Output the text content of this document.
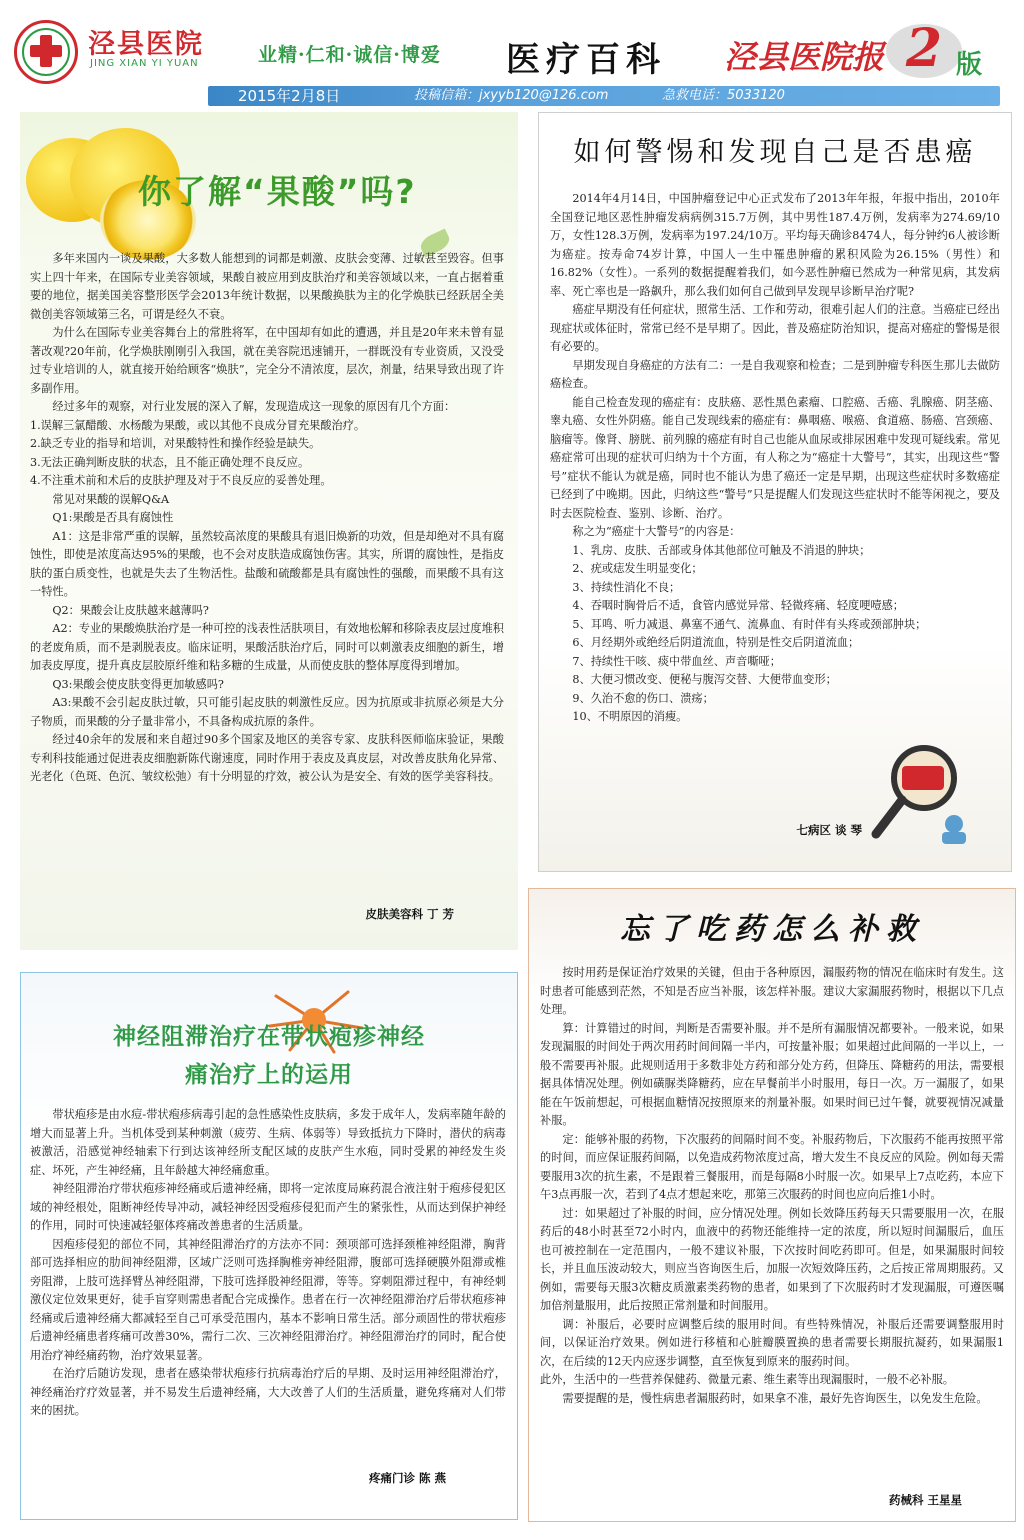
泾县医院
JING XIAN YI YUAN	业精·仁和·诚信·博爱 医疗百科 泾县医院报 2 版
2015年2月8日	投稿信箱：jxyyb120@126.com	急救电话：5033120
你了解“果酸”吗?

多年来国内一谈及果酸，大多数人能想到的词都是刺激、皮肤会变薄、过敏甚至毁容。但事实上四十年来，在国际专业美容领域，果酸自被应用到皮肤治疗和美容领域以来，一直占据着重要的地位，据美国美容整形医学会2013年统计数据，以果酸换肤为主的化学焕肤已经跃居全美微创美容领域第三名，可谓是经久不衰。

为什么在国际专业美容舞台上的常胜将军，在中国却有如此的遭遇，并且是20年来未曾有显著改观?20年前，化学焕肤刚刚引入我国，就在美容院迅速铺开，一群既没有专业资质，又没受过专业培训的人，就直接开始给顾客“焕肤”，完全分不清浓度，层次，剂量，结果导致出现了许多副作用。

经过多年的观察，对行业发展的深入了解，发现造成这一现象的原因有几个方面：

1.误解三氯醋酸、水杨酸为果酸，或以其他不良成分冒充果酸治疗。

2.缺乏专业的指导和培训，对果酸特性和操作经验是缺失。

3.无法正确判断皮肤的状态，且不能正确处理不良反应。

4.不注重术前和术后的皮肤护理及对于不良反应的妥善处理。

常见对果酸的误解Q&A

Q1:果酸是否具有腐蚀性

A1：这是非常严重的误解，虽然较高浓度的果酸具有退旧焕新的功效，但是却绝对不具有腐蚀性，即使是浓度高达95%的果酸，也不会对皮肤造成腐蚀伤害。其实，所谓的腐蚀性，是指皮肤的蛋白质变性，也就是失去了生物活性。盐酸和硫酸都是具有腐蚀性的强酸，而果酸不具有这一特性。

Q2：果酸会让皮肤越来越薄吗?

A2：专业的果酸焕肤治疗是一种可控的浅表性活肤项目，有效地松解和移除表皮层过度堆积的老废角质，而不是剥脱表皮。临床证明，果酸活肤治疗后，同时可以刺激表皮细胞的新生，增加表皮厚度，提升真皮层胶原纤维和粘多糖的生成量，从而使皮肤的整体厚度得到增加。

Q3:果酸会使皮肤变得更加敏感吗?

A3:果酸不会引起皮肤过敏，只可能引起皮肤的刺激性反应。因为抗原或非抗原必须是大分子物质，而果酸的分子量非常小，不具备构成抗原的条件。

经过40余年的发展和来自超过90多个国家及地区的美容专家、皮肤科医师临床验证，果酸专利科技能通过促进表皮细胞新陈代谢速度，同时作用于表皮及真皮层，对改善皮肤角化异常、光老化（色斑、色沉、皱纹松弛）有十分明显的疗效，被公认为是安全、有效的医学美容科技。

皮肤美容科 丁 芳
如何警惕和发现自己是否患癌

2014年4月14日，中国肿瘤登记中心正式发布了2013年年报，年报中指出，2010年全国登记地区恶性肿瘤发病病例315.7万例，其中男性187.4万例，发病率为274.69/10万，女性128.3万例，发病率为197.24/10万。平均每天确诊8474人，每分钟约6人被诊断为癌症。按寿命74岁计算，中国人一生中罹患肿瘤的累积风险为26.15%（男性）和16.82%（女性）。一系列的数据提醒着我们，如今恶性肿瘤已然成为一种常见病，其发病率、死亡率也是一路飙升，那么我们如何自己做到早发现早诊断早治疗呢?

癌症早期没有任何症状，照常生活、工作和劳动，很难引起人们的注意。当癌症已经出现症状或体征时，常常已经不是早期了。因此，普及癌症防治知识，提高对癌症的警惕是很有必要的。

早期发现自身癌症的方法有二：一是自我观察和检查；二是到肿瘤专科医生那儿去做防癌检查。

能自己检查发现的癌症有：皮肤癌、恶性黑色素瘤、口腔癌、舌癌、乳腺癌、阴茎癌、睾丸癌、女性外阴癌。能自己发现线索的癌症有：鼻咽癌、喉癌、食道癌、肠癌、宫颈癌、脑瘤等。像肾、膀胱、前列腺的癌症有时自己也能从血尿或排尿困难中发现可疑线索。常见癌症常可出现的症状可归纳为十个方面，有人称之为“癌症十大警号”，其实，出现这些“警号”症状不能认为就是癌，同时也不能认为患了癌还一定是早期，出现这些症状时多数癌症已经到了中晚期。因此，归纳这些“警号”只是提醒人们发现这些症状时不能等闲视之，要及时去医院检查、鉴别、诊断、治疗。

称之为“癌症十大警号”的内容是：

1、乳房、皮肤、舌部或身体其他部位可触及不消退的肿块；

2、疣或痣发生明显变化；

3、持续性消化不良；

4、吞咽时胸骨后不适，食管内感觉异常、轻微疼痛、轻度哽噎感；

5、耳鸣、听力减退、鼻塞不通气、流鼻血、有时伴有头疼或颈部肿块；

6、月经期外或绝经后阴道流血，特别是性交后阴道流血；

7、持续性干咳、痰中带血丝、声音嘶哑；

8、大便习惯改变、便秘与腹泻交替、大便带血变形；

9、久治不愈的伤口、溃疡；

10、不明原因的消瘦。

七病区 谈 琴
神经阻滞治疗在带状疱疹神经
痛治疗上的运用

带状疱疹是由水痘-带状疱疹病毒引起的急性感染性皮肤病，多发于成年人，发病率随年龄的增大而显著上升。当机体受到某种刺激（疲劳、生病、体弱等）导致抵抗力下降时，潜伏的病毒被激活，沿感觉神经轴索下行到达该神经所支配区域的皮肤产生水疱，同时受累的神经发生炎症、坏死，产生神经痛，且年龄越大神经痛愈重。

神经阻滞治疗带状疱疹神经痛或后遗神经痛，即将一定浓度局麻药混合液注射于疱疹侵犯区域的神经根处，阻断神经传导冲动，减轻神经因受疱疹侵犯而产生的紧张性，从而达到保护神经的作用，同时可快速减轻躯体疼痛改善患者的生活质量。

因疱疹侵犯的部位不同，其神经阻滞治疗的方法亦不同：颈项部可选择颈椎神经阻滞，胸背部可选择相应的肋间神经阻滞，区域广泛则可选择胸椎旁神经阻滞，腹部可选择硬膜外阻滞或椎旁阻滞，上肢可选择臂丛神经阻滞，下肢可选择股神经阻滞，等等。穿刺阻滞过程中，有神经刺激仪定位效果更好，徒手盲穿则需患者配合完成操作。患者在行一次神经阻滞治疗后带状疱疹神经痛或后遗神经痛大都减轻至自己可承受范围内，基本不影响日常生活。部分顽固性的带状疱疹后遗神经痛患者疼痛可改善30%，需行二次、三次神经阻滞治疗。神经阻滞治疗的同时，配合使用治疗神经痛药物，治疗效果显著。

在治疗后随访发现，患者在感染带状疱疹行抗病毒治疗后的早期、及时运用神经阻滞治疗，神经痛治疗疗效显著，并不易发生后遗神经痛，大大改善了人们的生活质量，避免疼痛对人们带来的困扰。

疼痛门诊 陈 燕
忘了吃药怎么补救

按时用药是保证治疗效果的关键，但由于各种原因，漏服药物的情况在临床时有发生。这时患者可能感到茫然，不知是否应当补服，该怎样补服。建议大家漏服药物时，根据以下几点处理。

算：计算错过的时间，判断是否需要补服。并不是所有漏服情况都要补。一般来说，如果发现漏服的时间处于两次用药时间间隔一半内，可按量补服；如果超过此间隔的一半以上，一般不需要再补服。此规则适用于多数非处方药和部分处方药，但降压、降糖药的用法，需要根据具体情况处理。例如磺脲类降糖药，应在早餐前半小时服用，每日一次。万一漏服了，如果能在午饭前想起，可根据血糖情况按照原来的剂量补服。如果时间已过午餐，就要视情况减量补服。

定：能够补服的药物，下次服药的间隔时间不变。补服药物后，下次服药不能再按照平常的时间，而应保证服药间隔，以免造成药物浓度过高，增大发生不良反应的风险。例如每天需要服用3次的抗生素，不是跟着三餐服用，而是每隔8小时服一次。如果早上7点吃药，本应下午3点再服一次，若到了4点才想起来吃，那第三次服药的时间也应向后推1小时。

过：如果超过了补服的时间，应分情况处理。例如长效降压药每天只需要服用一次，在服药后的48小时甚至72小时内，血液中的药物还能维持一定的浓度，所以短时间漏服后，血压也可被控制在一定范围内，一般不建议补服，下次按时间吃药即可。但是，如果漏服时间较长，并且血压波动较大，则应当咨询医生后，加服一次短效降压药，之后按正常周期服药。又例如，需要每天服3次糖皮质激素类药物的患者，如果到了下次服药时才发现漏服，可遵医嘱加倍剂量服用，此后按照正常剂量和时间服用。

调：补服后，必要时应调整后续的服用时间。有些特殊情况，补服后还需要调整服用时间，以保证治疗效果。例如进行移植和心脏瓣膜置换的患者需要长期服抗凝药，如果漏服1次，在后续的12天内应逐步调整，直至恢复到原来的服药时间。

此外，生活中的一些营养保健药、微量元素、维生素等出现漏服时，一般不必补服。

需要提醒的是，慢性病患者漏服药时，如果拿不准，最好先咨询医生，以免发生危险。

药械科 王星星
